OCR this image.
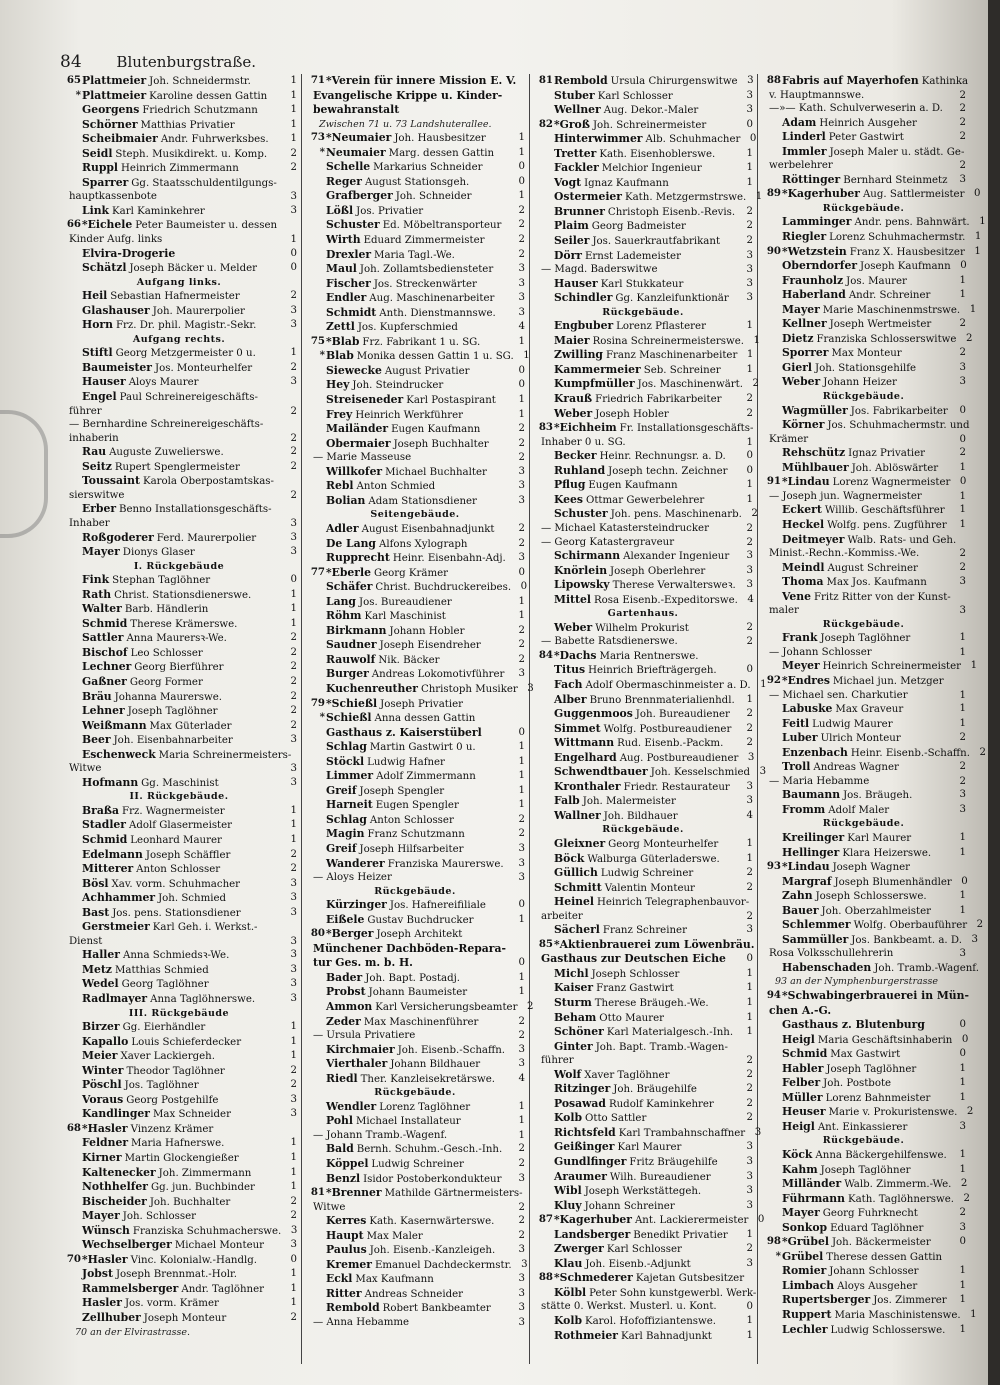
84 Blutenburgstraße.
65 Plattmeier Joh. Schneidermstr.	1
* Plattmeier Karoline dessen Gattin	1
Georgens Friedrich Schutzmann	1
Schörner Matthias Privatier	1
Scheibmaier Andr. Fuhrwerksbes.	1
Seidl Steph. Musikdirekt. u. Komp.	2
Ruppl Heinrich Zimmermann	2
Sparrer Gg. Staatsschuldentilgungs-
hauptkassenbote	3
Link Karl Kaminkehrer	3
66 *Eichele Peter Baumeister u. dessen
Kinder Aufg. links	1
Elvira-Drogerie	0
Schätzl Joseph Bäcker u. Melder	0
Aufgang links.
Heil Sebastian Hafnermeister	2
Glashauser Joh. Maurerpolier	3
Horn Frz. Dr. phil. Magistr.-Sekr.	3
Aufgang rechts.
Stiftl Georg Metzgermeister 0 u.	1
Baumeister Jos. Monteurhelfer	2
Hauser Aloys Maurer	3
Engel Paul Schreinereigeschäfts-
führer	2
— Bernhardine Schreinereigeschäfts-
inhaberin	2
Rau Auguste Zuwelierswe.	2
Seitz Rupert Spenglermeister	2
Toussaint Karola Oberpostamtskas-
sierswitwe	2
Erber Benno Installationsgeschäfts-
Inhaber	3
Roßgoderer Ferd. Maurerpolier	3
Mayer Dionys Glaser	3
I. Rückgebäude
Fink Stephan Taglöhner	0
Rath Christ. Stationsdienerswe.	1
Walter Barb. Händlerin	1
Schmid Therese Krämerswe.	1
Sattler Anna Maurersꝛ-We.	2
Bischof Leo Schlosser	2
Lechner Georg Bierführer	2
Gaßner Georg Former	2
Bräu Johanna Maurerswe.	2
Lehner Joseph Taglöhner	2
Weißmann Max Güterlader	2
Beer Joh. Eisenbahnarbeiter	3
Eschenweck Maria Schreinermeisters-
Witwe	3
Hofmann Gg. Maschinist	3
II. Rückgebäude.
Braßa Frz. Wagnermeister	1
Stadler Adolf Glasermeister	1
Schmid Leonhard Maurer	1
Edelmann Joseph Schäffler	2
Mitterer Anton Schlosser	2
Bösl Xav. vorm. Schuhmacher	3
Achhammer Joh. Schmied	3
Bast Jos. pens. Stationsdiener	3
Gerstmeier Karl Geh. i. Werkst.-
Dienst	3
Haller Anna Schmiedsꝛ-We.	3
Metz Matthias Schmied	3
Wedel Georg Taglöhner	3
Radlmayer Anna Taglöhnerswe.	3
III. Rückgebäude
Birzer Gg. Eierhändler	1
Kapallo Louis Schieferdecker	1
Meier Xaver Lackiergeh.	1
Winter Theodor Taglöhner	2
Pöschl Jos. Taglöhner	2
Voraus Georg Postgehilfe	3
Kandlinger Max Schneider	3
68 *Hasler Vinzenz Krämer
Feldner Maria Hafnerswe.	1
Kirner Martin Glockengießer	1
Kaltenecker Joh. Zimmermann	1
Nothhelfer Gg. jun. Buchbinder	1
Bischeider Joh. Buchhalter	2
Mayer Joh. Schlosser	2
Wünsch Franziska Schuhmacherswe. 3
Wechselberger Michael Monteur	3
70 *Hasler Vinc. Kolonialw.-Handlg.	0
Jobst Joseph Brennmat.-Holr.	1
Rammelsberger Andr. Taglöhner	1
Hasler Jos. vorm. Krämer	1
Zellhuber Joseph Monteur	2
70 an der Elvirastrasse.
71 *Verein für innere Mission E. V.
Evangelische Krippe u. Kinder-
bewahranstalt
Zwischen 71 u. 73 Landshuterallee.
73 *Neumaier Joh. Hausbesitzer	1
* Neumaier Marg. dessen Gattin	1
Schelle Markarius Schneider	0
Reger August Stationsgeh.	0
Grafberger Joh. Schneider	1
Lößl Jos. Privatier	2
Schuster Ed. Möbeltransporteur	2
Wirth Eduard Zimmermeister	2
Drexler Maria Tagl.-We.	2
Maul Joh. Zollamtsbediensteter	3
Fischer Jos. Streckenwärter	3
Endler Aug. Maschinenarbeiter	3
Schmidt Anth. Dienstmannswe.	3
Zettl Jos. Kupferschmied	4
75 *Blab Frz. Fabrikant 1 u. SG.	1
* Blab Monika dessen Gattin 1 u. SG. 1
Siewecke August Privatier	0
Hey Joh. Steindrucker	0
Streiseneder Karl Postaspirant	1
Frey Heinrich Werkführer	1
Mailänder Eugen Kaufmann	2
Obermaier Joseph Buchhalter	2
— Marie Masseuse	2
Willkofer Michael Buchhalter	3
Rebl Anton Schmied	3
Bolian Adam Stationsdiener	3
Seitengebäude.
Adler August Eisenbahnadjunkt	2
De Lang Alfons Xylograph	2
Rupprecht Heinr. Eisenbahn-Adj.	3
77 *Eberle Georg Krämer	0
Schäfer Christ. Buchdruckereibes. 0
Lang Jos. Bureaudiener	1
Röhm Karl Maschinist	1
Birkmann Johann Hobler	2
Saudner Joseph Eisendreher	2
Rauwolf Nik. Bäcker	2
Burger Andreas Lokomotivführer	3
Kuchenreuther Christoph Musiker 3
79 *Schießl Joseph Privatier
* Schießl Anna dessen Gattin
Gasthaus z. Kaiserstüberl	0
Schlag Martin Gastwirt 0 u.	1
Stöckl Ludwig Hafner	1
Limmer Adolf Zimmermann	1
Greif Joseph Spengler	1
Harneit Eugen Spengler	1
Schlag Anton Schlosser	2
Magin Franz Schutzmann	2
Greif Joseph Hilfsarbeiter	3
Wanderer Franziska Maurerswe.	3
— Aloys Heizer	3
Rückgebäude.
Kürzinger Jos. Hafnereifiliale	0
Eißele Gustav Buchdrucker	1
80 *Berger Joseph Architekt
Münchener Dachböden-Repara-
tur Ges. m. b. H.	0
Bader Joh. Bapt. Postadj.	1
Probst Johann Baumeister	1
Ammon Karl Versicherungsbeamter 2
Zeder Max Maschinenführer	2
— Ursula Privatiere	2
Kirchmaier Joh. Eisenb.-Schaffn.	3
Vierthaler Johann Bildhauer	3
Riedl Ther. Kanzleisekretärswe.	4
Rückgebäude.
Wendler Lorenz Taglöhner	1
Pohl Michael Installateur	1
— Johann Tramb.-Wagenf.	1
Bald Bernh. Schuhm.-Gesch.-Inh.	2
Köppel Ludwig Schreiner	2
Benzl Isidor Postoberkondukteur	3
81 *Brenner Mathilde Gärtnermeisters-
Witwe	2
Kerres Kath. Kasernwärterswe.	2
Haupt Max Maler	2
Paulus Joh. Eisenb.-Kanzleigeh.	3
Kremer Emanuel Dachdeckermstr. 3
Eckl Max Kaufmann	3
Ritter Andreas Schneider	3
Rembold Robert Bankbeamter	3
— Anna Hebamme	3
81 Rembold Ursula Chirurgenswitwe 3
Stuber Karl Schlosser	3
Wellner Aug. Dekor.-Maler	3
82 *Groß Joh. Schreinermeister	0
Hinterwimmer Alb. Schuhmacher 0
Tretter Kath. Eisenhoblerswe.	1
Fackler Melchior Ingenieur	1
Vogt Ignaz Kaufmann	1
Ostermeier Kath. Metzgermstrswe. 1
Brunner Christoph Eisenb.-Revis.	2
Plaim Georg Badmeister	2
Seiler Jos. Sauerkrautfabrikant	2
Dörr Ernst Lademeister	3
— Magd. Baderswitwe	3
Hauser Karl Stukkateur	3
Schindler Gg. Kanzleifunktionär	3
Rückgebäude.
Engbuber Lorenz Pflasterer	1
Maier Rosina Schreinermeisterswe. 1
Zwilling Franz Maschinenarbeiter 1
Kammermeier Seb. Schreiner	1
Kumpfmüller Jos. Maschinenwärt. 2
Krauß Friedrich Fabrikarbeiter	2
Weber Joseph Hobler	2
83 *Eichheim Fr. Installationsgeschäfts-
Inhaber 0 u. SG.	1
Becker Heinr. Rechnungsr. a. D.	0
Ruhland Joseph techn. Zeichner	0
Pflug Eugen Kaufmann	1
Kees Ottmar Gewerbelehrer	1
Schuster Joh. pens. Maschinenarb. 2
— Michael Katastersteindrucker	2
— Georg Katastergraveur	2
Schirmann Alexander Ingenieur	3
Knörlein Joseph Oberlehrer	3
Lipowsky Therese Verwaltersweꝛ.	3
Mittel Rosa Eisenb.-Expeditorswe. 4
Gartenhaus.
Weber Wilhelm Prokurist	2
— Babette Ratsdienerswe.	2
84 *Dachs Maria Rentnerswe.
Titus Heinrich Briefträgergeh.	0
Fach Adolf Obermaschinmeister a. D. 1
Alber Bruno Brennmaterialienhdl.	1
Guggenmoos Joh. Bureaudiener	2
Simmet Wolfg. Postbureaudiener	2
Wittmann Rud. Eisenb.-Packm.	2
Engelhard Aug. Postbureaudiener 3
Schwendtbauer Joh. Kesselschmied 3
Kronthaler Friedr. Restaurateur	3
Falb Joh. Malermeister	3
Wallner Joh. Bildhauer	4
Rückgebäude.
Gleixner Georg Monteurhelfer	1
Böck Walburga Güterladerswe.	1
Güllich Ludwig Schreiner	2
Schmitt Valentin Monteur	2
Heinel Heinrich Telegraphenbauvor-
arbeiter	2
Sächerl Franz Schreiner	3
85 *Aktienbrauerei zum Löwenbräu.
Gasthaus zur Deutschen Eiche	0
Michl Joseph Schlosser	1
Kaiser Franz Gastwirt	1
Sturm Therese Bräugeh.-We.	1
Beham Otto Maurer	1
Schöner Karl Materialgesch.-Inh.	1
Ginter Joh. Bapt. Tramb.-Wagen-
führer	2
Wolf Xaver Taglöhner	2
Ritzinger Joh. Bräugehilfe	2
Posawad Rudolf Kaminkehrer	2
Kolb Otto Sattler	2
Richtsfeld Karl Trambahnschaffner 3
Geißinger Karl Maurer	3
Gundlfinger Fritz Bräugehilfe	3
Araumer Wilh. Bureaudiener	3
Wibl Joseph Werkstättegeh.	3
Kluy Johann Schreiner	3
87 *Kagerhuber Ant. Lackierermeister 0
Landsberger Benedikt Privatier	1
Zwerger Karl Schlosser	2
Klau Joh. Eisenb.-Adjunkt	3
88 *Schmederer Kajetan Gutsbesitzer
Kölbl Peter Sohn kunstgewerbl. Werk-
stätte 0. Werkst. Musterl. u. Kont.	0
Kolb Karol. Hofoffiziantenswe.	1
Rothmeier Karl Bahnadjunkt	1
88 Fabris auf Mayerhofen Kathinka
v. Hauptmannswe.	2
—»— Kath. Schulverweserin a. D.	2
Adam Heinrich Ausgeher	2
Linderl Peter Gastwirt	2
Immler Joseph Maler u. städt. Ge-
werbelehrer	2
Röttinger Bernhard Steinmetz	3
89 *Kagerhuber Aug. Sattlermeister 0
Rückgebäude.
Lamminger Andr. pens. Bahnwärt. 1
Riegler Lorenz Schuhmachermstr. 1
90 *Wetzstein Franz X. Hausbesitzer 1
Oberndorfer Joseph Kaufmann 0
Fraunholz Jos. Maurer	1
Haberland Andr. Schreiner	1
Mayer Marie Maschinenmstrswe. 1
Kellner Joseph Wertmeister	2
Dietz Franziska Schlosserswitwe 2
Sporrer Max Monteur	2
Gierl Joh. Stationsgehilfe	3
Weber Johann Heizer	3
Rückgebäude.
Wagmüller Jos. Fabrikarbeiter	0
Körner Jos. Schuhmachermstr. und
Krämer	0
Rehschütz Ignaz Privatier	2
Mühlbauer Joh. Ablöswärter	1
91 *Lindau Lorenz Wagnermeister 0
— Joseph jun. Wagnermeister	1
Eckert Willib. Geschäftsführer	1
Heckel Wolfg. pens. Zugführer	1
Deitmeyer Walb. Rats- und Geh.
Minist.-Rechn.-Kommiss.-We.	2
Meindl August Schreiner	2
Thoma Max Jos. Kaufmann	3
Vene Fritz Ritter von der Kunst-
maler	3
Rückgebäude.
Frank Joseph Taglöhner	1
— Johann Schlosser	1
Meyer Heinrich Schreinermeister 1
92 *Endres Michael jun. Metzger
— Michael sen. Charkutier	1
Labuske Max Graveur	1
Feitl Ludwig Maurer	1
Luber Ulrich Monteur	2
Enzenbach Heinr. Eisenb.-Schaffn. 2
Troll Andreas Wagner	2
— Maria Hebamme	2
Baumann Jos. Bräugeh.	3
Fromm Adolf Maler	3
Rückgebäude.
Kreilinger Karl Maurer	1
Hellinger Klara Heizerswe.	1
93 *Lindau Joseph Wagner
Margraf Joseph Blumenhändler 0
Zahn Joseph Schlosserswe.	1
Bauer Joh. Oberzahlmeister	1
Schlemmer Wolfg. Oberbauführer 2
Sammüller Jos. Bankbeamt. a. D. 3
Rosa Volksschullehrerin	3
Habenschaden Joh. Tramb.-Wagenf.
93 an der Nymphenburgerstrasse
94 *Schwabingerbrauerei in Mün-
chen A.-G.
Gasthaus z. Blutenburg	0
Heigl Maria Geschäftsinhaberin 0
Schmid Max Gastwirt	0
Habler Joseph Taglöhner	1
Felber Joh. Postbote	1
Müller Lorenz Bahnmeister	1
Heuser Marie v. Prokuristenswe. 2
Heigl Ant. Einkassierer	3
Rückgebäude.
Köck Anna Bäckergehilfenswe.	1
Kahm Joseph Taglöhner	1
Milländer Walb. Zimmerm.-We. 2
Führmann Kath. Taglöhnerswe. 2
Mayer Georg Fuhrknecht	2
Sonkop Eduard Taglöhner	3
98 *Grübel Joh. Bäckermeister	0
* Grübel Therese dessen Gattin
Romier Johann Schlosser	1
Limbach Aloys Ausgeher	1
Rupertsberger Jos. Zimmerer	1
Ruppert Maria Maschinistenswe. 1
Lechler Ludwig Schlosserswe.	1
